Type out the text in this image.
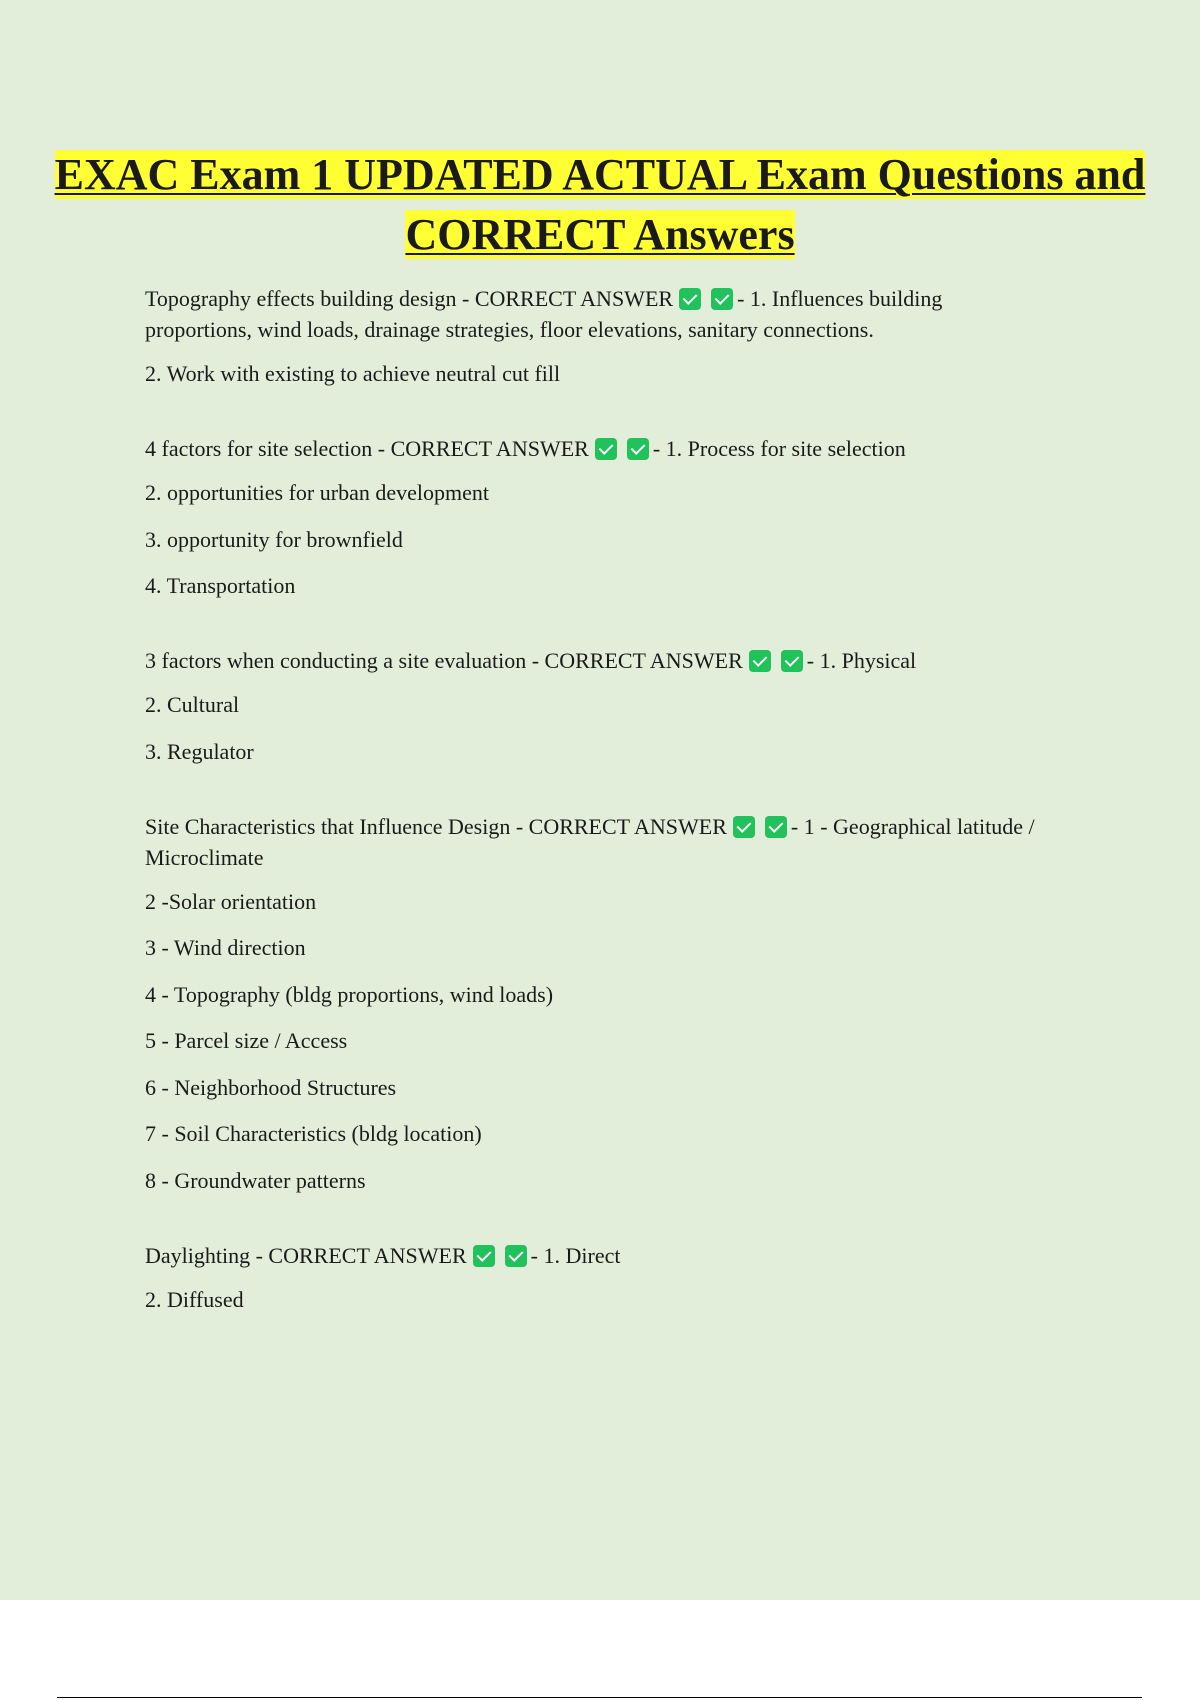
EXAC Exam 1 UPDATED ACTUAL Exam Questions and CORRECT Answers

Topography effects building design - CORRECT ANSWER	- 1. Influences building proportions, wind loads, drainage strategies, floor elevations, sanitary connections.

2. Work with existing to achieve neutral cut fill

4 factors for site selection - CORRECT ANSWER	- 1. Process for site selection

2. opportunities for urban development

3. opportunity for brownfield

4. Transportation

3 factors when conducting a site evaluation - CORRECT ANSWER	- 1. Physical

2. Cultural

3. Regulator

Site Characteristics that Influence Design - CORRECT ANSWER	- 1 - Geographical latitude / Microclimate

2 -Solar orientation

3 - Wind direction

4 - Topography (bldg proportions, wind loads)

5 - Parcel size / Access

6 - Neighborhood Structures

7 - Soil Characteristics (bldg location)

8 - Groundwater patterns

Daylighting - CORRECT ANSWER	- 1. Direct

2. Diffused
